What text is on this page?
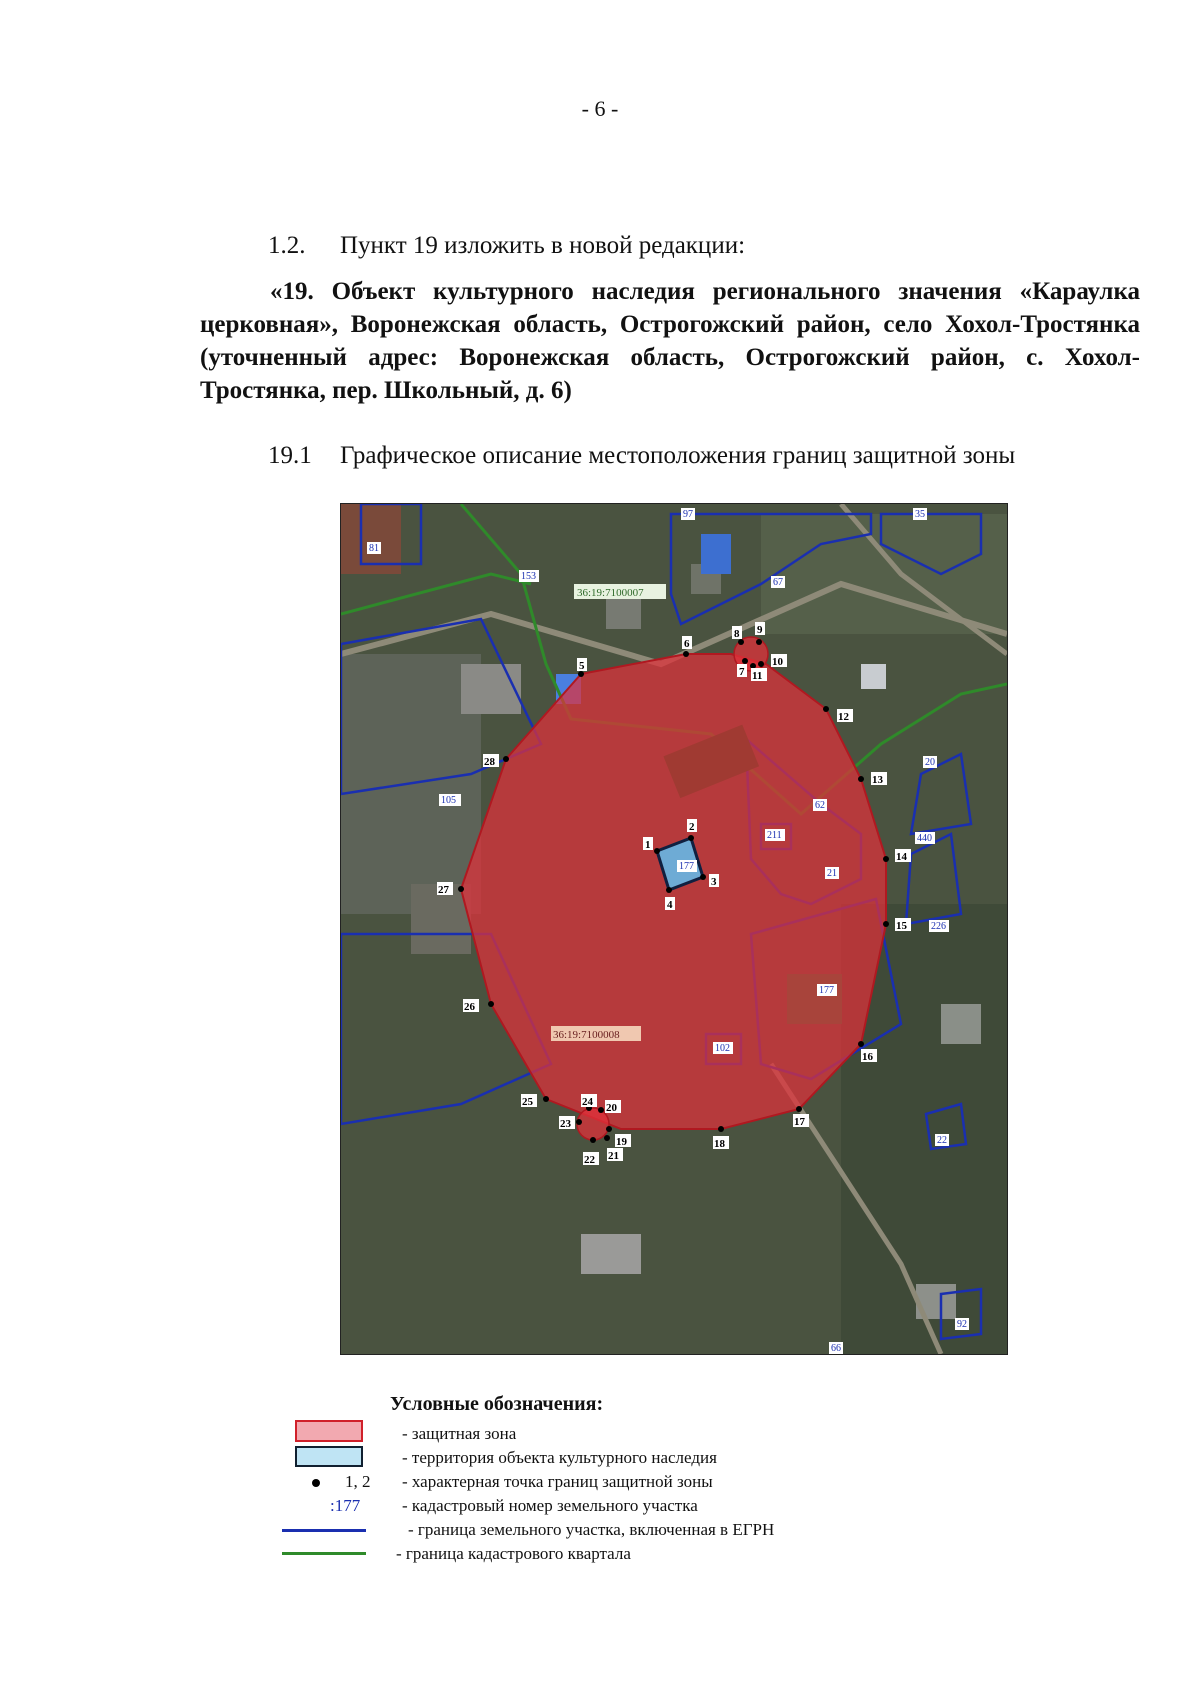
- 6 -
1.2. Пункт 19 изложить в новой редакции:
«19. Объект культурного наследия регионального значения «Караулка церковная», Воронежская область, Острогожский район, село Хохол-Тростянка (уточненный адрес: Воронежская область, Острогожский район, с. Хохол-Тростянка, пер. Школьный, д. 6)
19.1 Графическое описание местоположения границ защитной зоны
36:19:7100007
36:19:7100008
81
153
97	35
67
105
20
62
211	440
21
177
226
177
102
22
92
66
1
2
3
4
5
6
7
8 9
10
11
12
13
14
15
16
17
18
19
20
21
22
23
24
25
26
27
28
Условные обозначения:
- защитная зона
- территория объекта культурного наследия
1, 2 - характерная точка границ защитной зоны
:177 - кадастровый номер земельного участка
- граница земельного участка, включенная в ЕГРН
- граница кадастрового квартала
